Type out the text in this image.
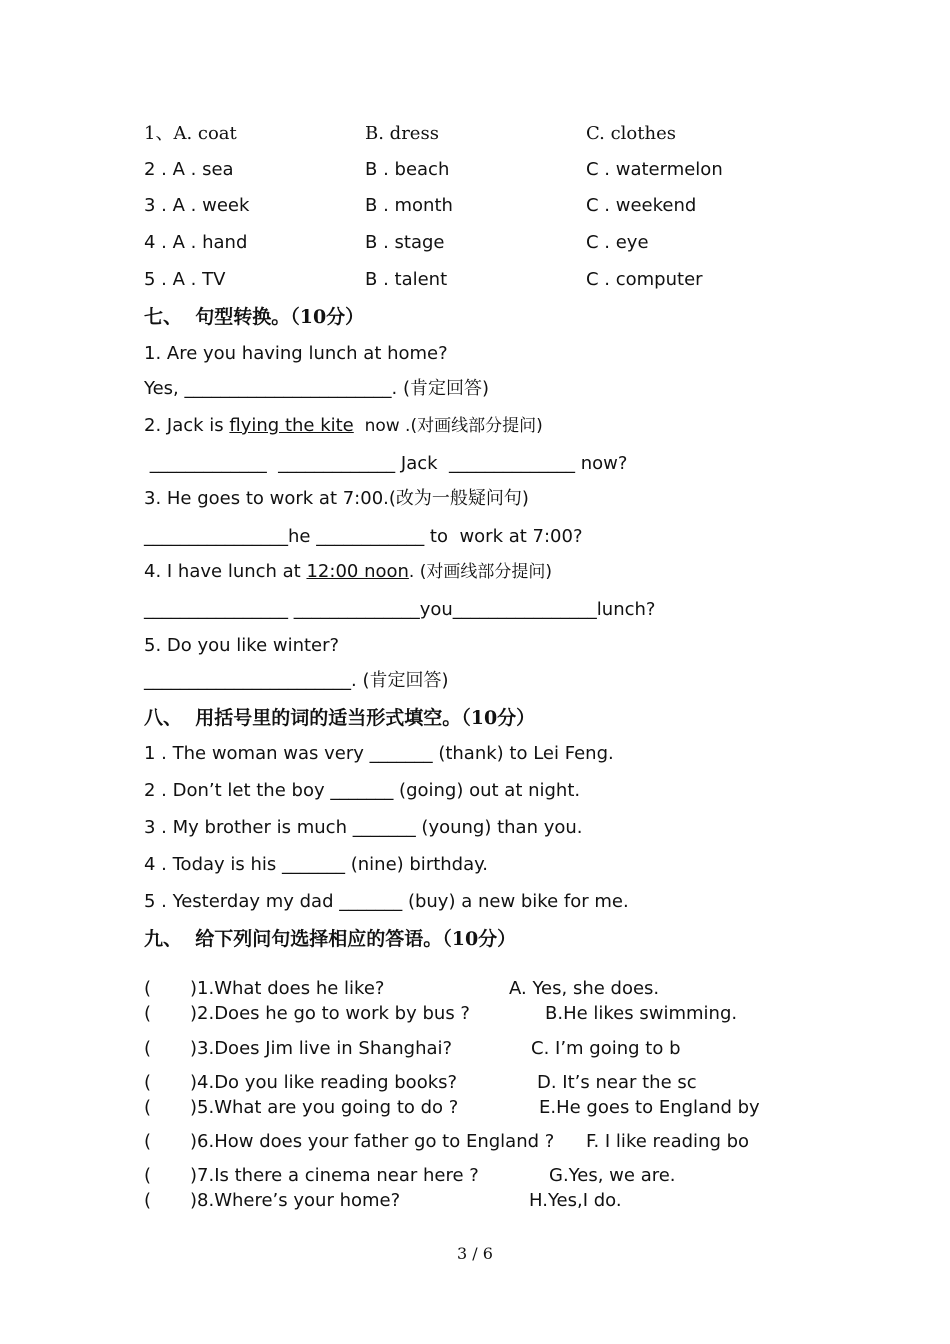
1、A. coat	B. dress	C. clothes
2 . A . sea	B . beach	C . watermelon
3 . A . week	B . month	C . weekend
4 . A . hand	B . stage	C . eye
5 . A . TV	B . talent	C . computer
七、  句型转换。（10分）
1. Are you having lunch at home?
Yes, _______________________. (肯定回答)
2. Jack is flying the kite  now .(对画线部分提问)
_____________  _____________ Jack  ______________ now?
3. He goes to work at 7:00.(改为一般疑问句)
________________he ____________ to  work at 7:00?
4. I have lunch at 12:00 noon. (对画线部分提问)
________________ ______________you________________lunch?
5. Do you like winter?
_______________________. (肯定回答)
八、  用括号里的词的适当形式填空。（10分）
1 . The woman was very _______ (thank) to Lei Feng.
2 . Don’t let the boy _______ (going) out at night.
3 . My brother is much _______ (young) than you.
4 . Today is his _______ (nine) birthday.
5 . Yesterday my dad _______ (buy) a new bike for me.
九、  给下列问句选择相应的答语。（10分）
( )1.What does he like?	A. Yes, she does.
( )2.Does he go to work by bus ?	B.He likes swimming.
( )3.Does Jim live in Shanghai?	C. I’m going to b
( )4.Do you like reading books?	D. It’s near the sc
( )5.What are you going to do ?	E.He goes to England by
( )6.How does your father go to England ? F. I like reading bo
( )7.Is there a cinema near here ?	G.Yes, we are.
( )8.Where’s your home?	H.Yes,I do.
3 / 6
